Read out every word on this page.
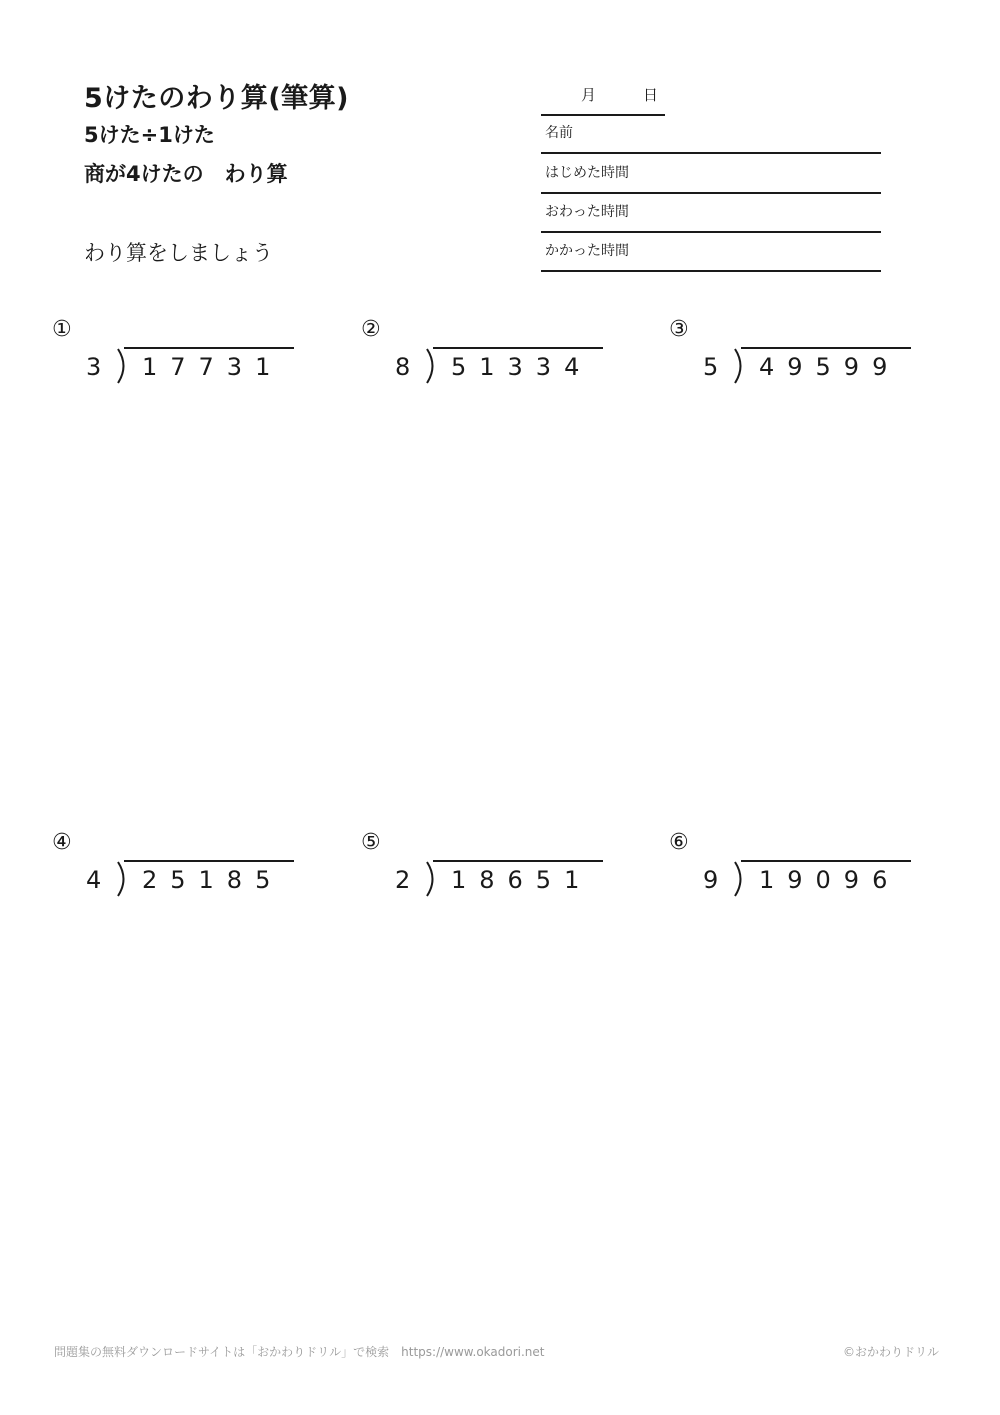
5けたのわり算(筆算)
5けた÷1けた
商が4けたの　わり算
わり算をしましょう
月	日
名前
はじめた時間
おわった時間
かかった時間
①
3 17731
②
8 51334
③
5 49599
④
4 25185
⑤
2 18651
⑥
9 19096
問題集の無料ダウンロードサイトは「おかわりドリル」で検索　https://www.okadori.net	©おかわりドリル
